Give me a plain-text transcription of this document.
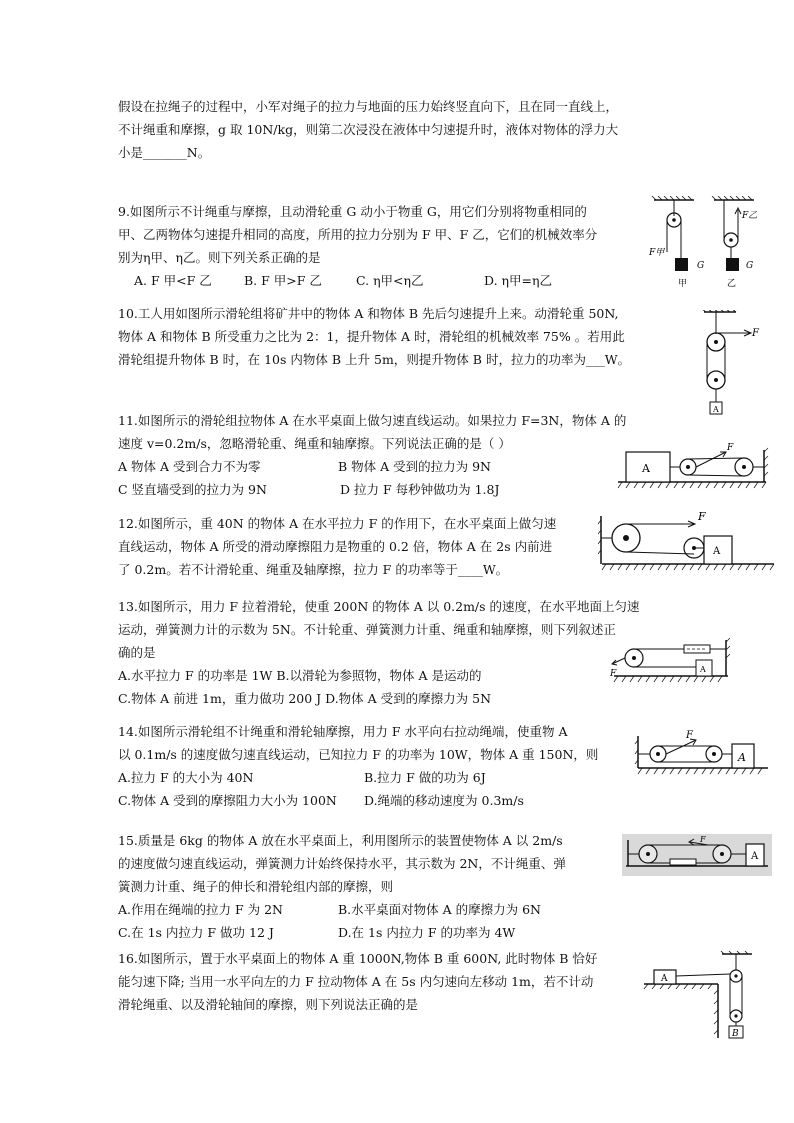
假设在拉绳子的过程中，小军对绳子的拉力与地面的压力始终竖直向下，且在同一直线上，
不计绳重和摩擦，g 取 10N/kg，则第二次浸没在液体中匀速提升时，液体对物体的浮力大
小是_______N。
9.如图所示不计绳重与摩擦，且动滑轮重 G 动小于物重 G，用它们分别将物重相同的
甲、乙两物体匀速提升相同的高度，所用的拉力分别为 F 甲、F 乙，它们的机械效率分
别为η甲、η乙。则下列关系正确的是
A. F 甲<F 乙	B. F 甲>F 乙	C. η甲<η乙	D. η甲=η乙
F甲
G
甲
F乙
G
乙
10.工人用如图所示滑轮组将矿井中的物体 A 和物体 B 先后匀速提升上来。动滑轮重 50N,
物体 A 和物体 B 所受重力之比为 2：1，提升物体 A 时，滑轮组的机械效率 75% 。若用此
滑轮组提升物体 B 时，在 10s 内物体 B 上升 5m，则提升物体 B 时，拉力的功率为___W。
F
A
11.如图所示的滑轮组拉物体 A 在水平桌面上做匀速直线运动。如果拉力 F=3N，物体 A 的
速度 v=0.2m/s，忽略滑轮重、绳重和轴摩擦。下列说法正确的是（ ）
A 物体 A 受到合力不为零	B 物体 A 受到的拉力为 9N
C 竖直墙受到的拉力为 9N	D 拉力 F 每秒钟做功为 1.8J
A
F
12.如图所示，重 40N 的物体 A 在水平拉力 F 的作用下，在水平桌面上做匀速
直线运动，物体 A 所受的滑动摩擦阻力是物重的 0.2 倍，物体 A 在 2s 内前进
了 0.2m。若不计滑轮重、绳重及轴摩擦，拉力 F 的功率等于____W。
F
A
13.如图所示，用力 F 拉着滑轮，使重 200N 的物体 A 以 0.2m/s 的速度，在水平地面上匀速
运动，弹簧测力计的示数为 5N。不计轮重、弹簧测力计重、绳重和轴摩擦，则下列叙述正
确的是
A.水平拉力 F 的功率是 1W B.以滑轮为参照物，物体 A 是运动的
C.物体 A 前进 1m，重力做功 200 J D.物体 A 受到的摩擦力为 5N
A
F
14.如图所示滑轮组不计绳重和滑轮轴摩擦，用力 F 水平向右拉动绳端，使重物 A
以 0.1m/s 的速度做匀速直线运动，已知拉力 F 的功率为 10W，物体 A 重 150N，则
A.拉力 F 的大小为 40N	B.拉力 F 做的功为 6J
C.物体 A 受到的摩擦阻力大小为 100N	D.绳端的移动速度为 0.3m/s
F
A
15.质量是 6kg 的物体 A 放在水平桌面上，利用图所示的装置使物体 A 以 2m/s
的速度做匀速直线运动，弹簧测力计始终保持水平，其示数为 2N，不计绳重、弹
簧测力计重、绳子的伸长和滑轮组内部的摩擦，则
A.作用在绳端的拉力 F 为 2N	B.水平桌面对物体 A 的摩擦力为 6N
C.在 1s 内拉力 F 做功 12 J	D.在 1s 内拉力 F 的功率为 4W
F
A
16.如图所示，置于水平桌面上的物体 A 重 1000N,物体 B 重 600N, 此时物体 B 恰好
能匀速下降; 当用一水平向左的力 F 拉动物体 A 在 5s 内匀速向左移动 1m，若不计动
滑轮绳重、以及滑轮轴间的摩擦，则下列说法正确的是
A
B
